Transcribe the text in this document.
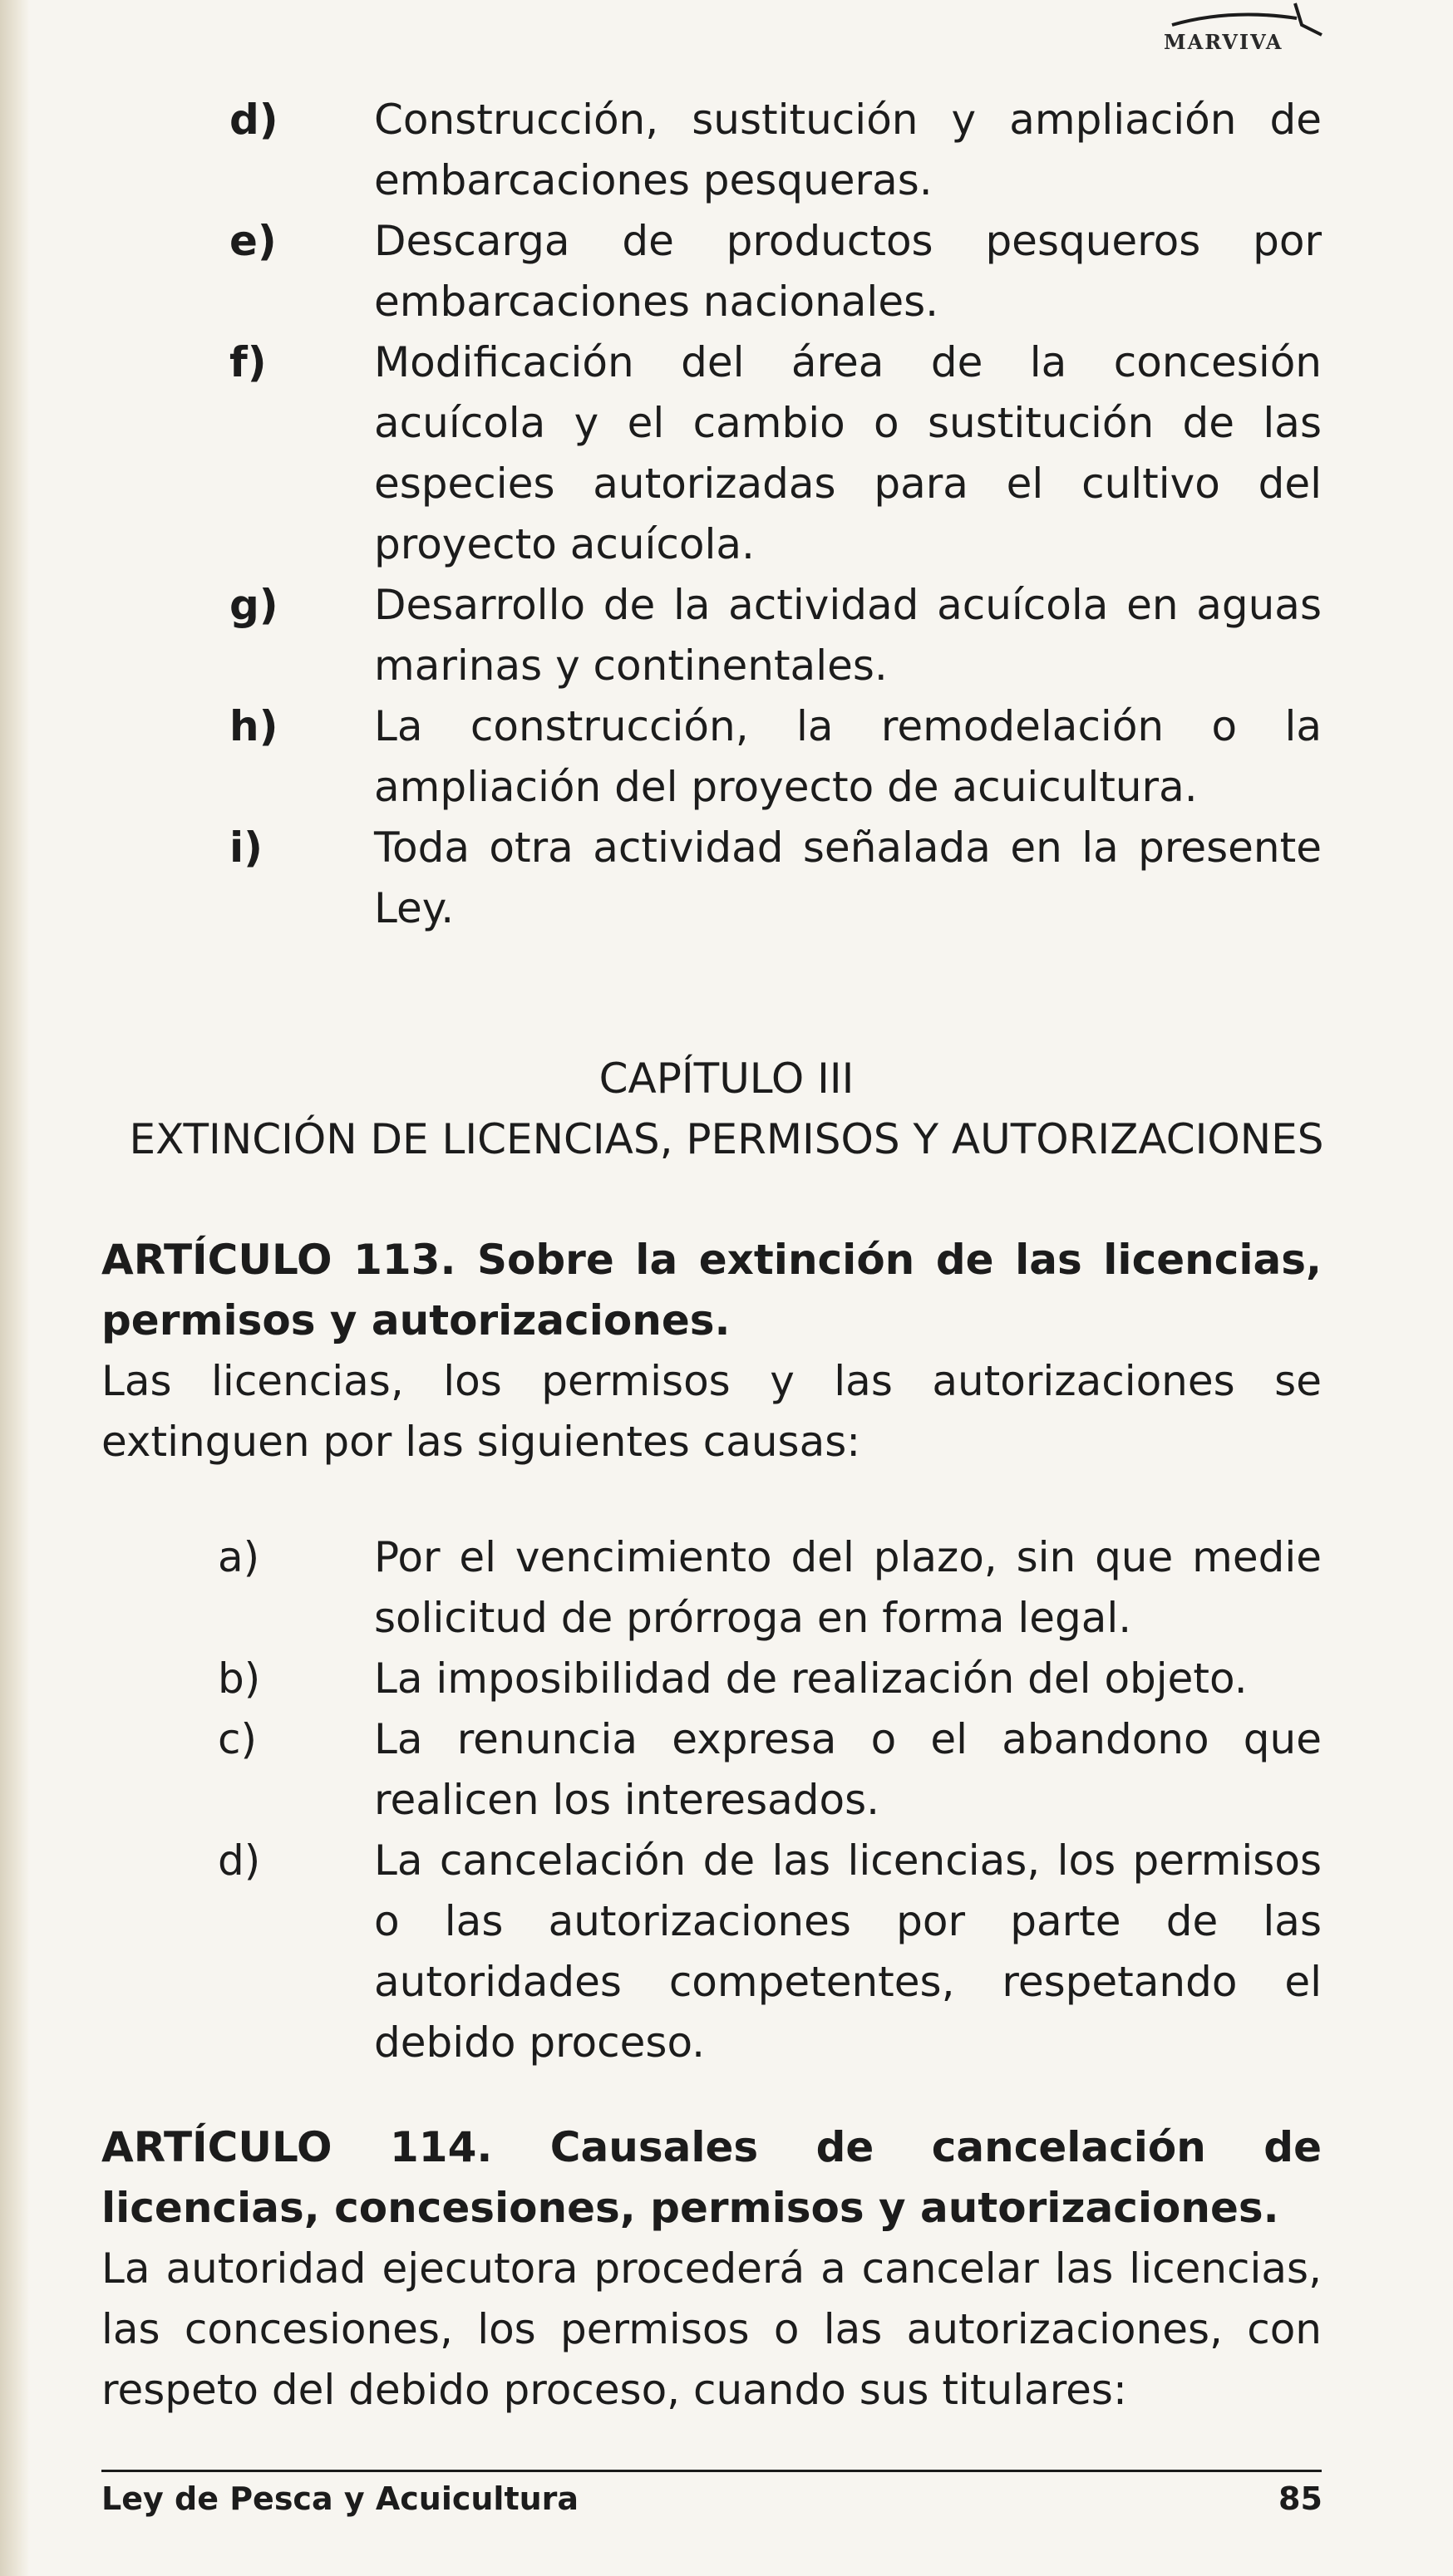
MARVIVA
d) Construcción, sustitución y ampliación de embarcaciones pesqueras.
e) Descarga de productos pesqueros por embarcaciones nacionales.
f)	Modificación del área de la concesión acuícola y el cambio o sustitución de las especies autorizadas para el cultivo del proyecto acuícola.
g) Desarrollo de la actividad acuícola en aguas marinas y continentales.
h) La construcción, la remodelación o la ampliación del proyecto de acuicultura.
i)	Toda otra actividad señalada en la presente Ley.
CAPÍTULO III
EXTINCIÓN DE LICENCIAS, PERMISOS Y AUTORIZACIONES
ARTÍCULO 113. Sobre la extinción de las licencias, permisos y autorizaciones.
Las licencias, los permisos y las autorizaciones se extinguen por las siguientes causas:
a)	Por el vencimiento del plazo, sin que medie solicitud de prórroga en forma legal.
b)	La imposibilidad de realización del objeto.
c)	La renuncia expresa o el abandono que realicen los interesados.
d)	La cancelación de las licencias, los permisos o las autorizaciones por parte de las autoridades competentes, respetando el debido proceso.
ARTÍCULO 114. Causales de cancelación de licencias, concesiones, permisos y autorizaciones.
La autoridad ejecutora procederá a cancelar las licencias, las concesiones, los permisos o las autorizaciones, con respeto del debido proceso, cuando sus titulares:
Ley de Pesca y Acuicultura	85
